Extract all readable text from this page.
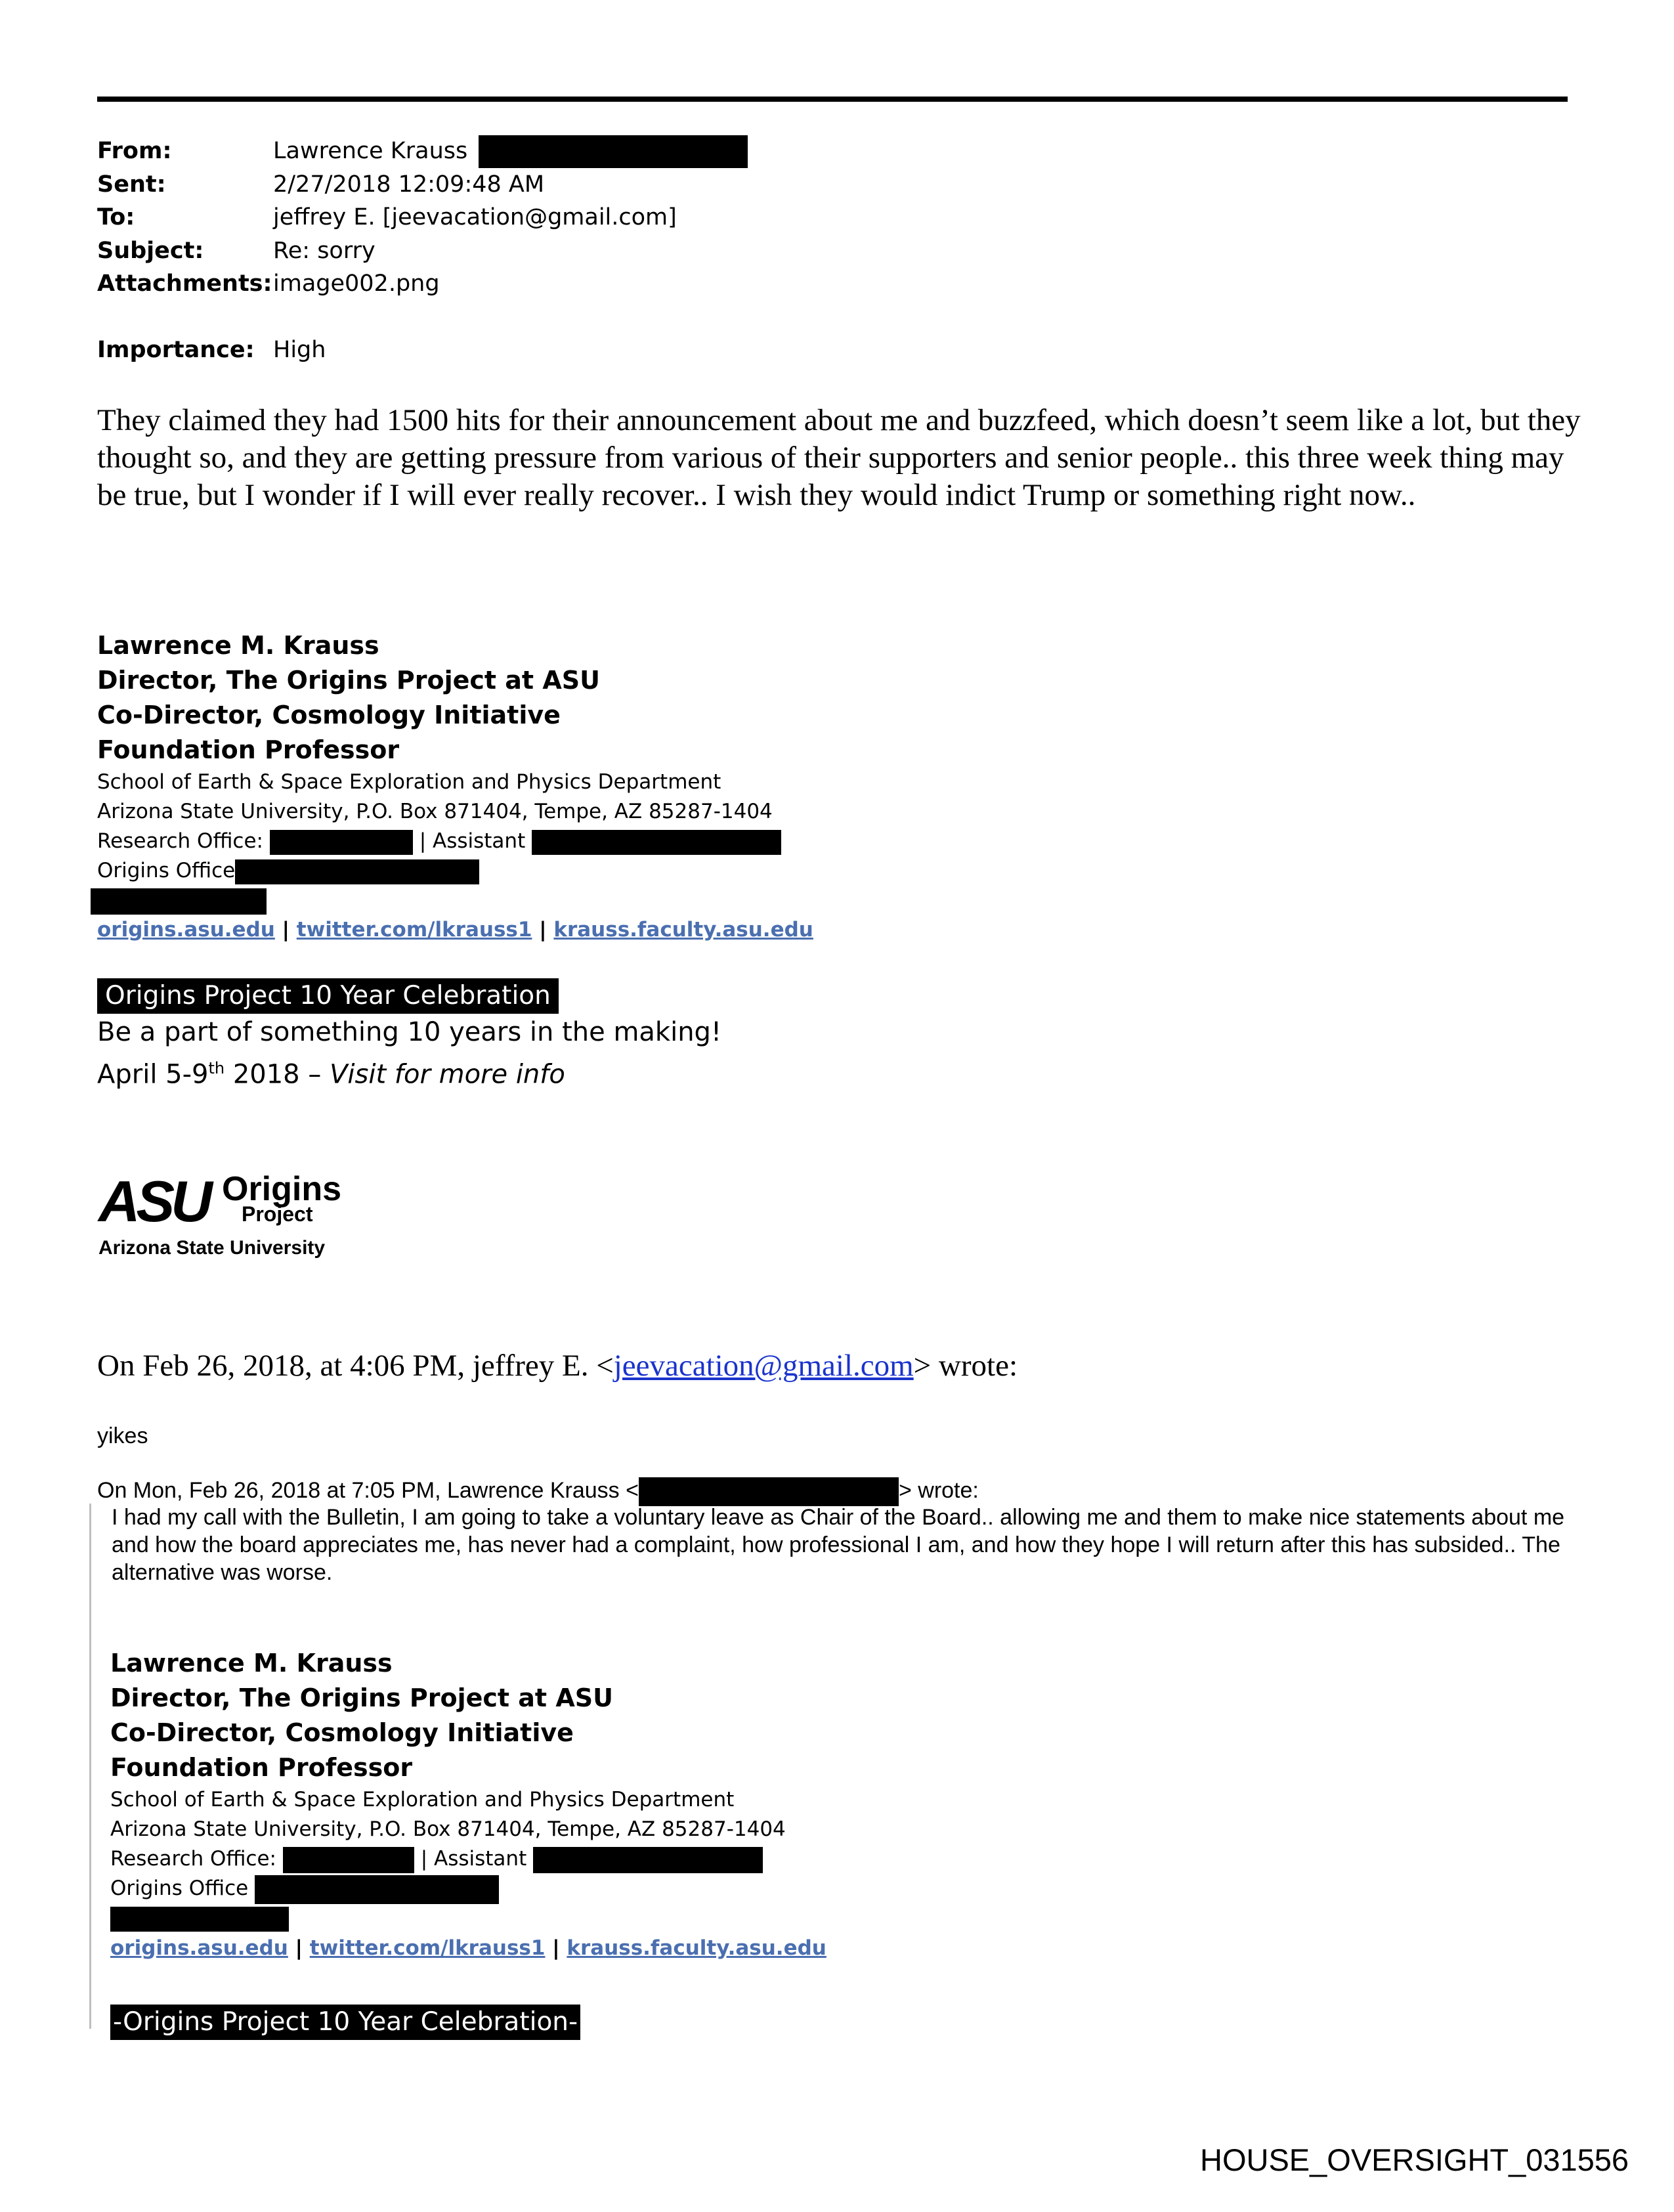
From:	Lawrence Krauss
Sent:	2/27/2018 12:09:48 AM
To:	jeffrey E. [jeevacation@gmail.com]
Subject:	Re: sorry
Attachments: image002.png
Importance: High
They claimed they had 1500 hits for their announcement about me and buzzfeed, which doesn’t seem like a lot, but they thought so, and they are getting pressure from various of their supporters and senior people.. this three week thing may be true, but I wonder if I will ever really recover.. I wish they would indict Trump or something right now..
Lawrence M. Krauss
Director, The Origins Project at ASU
Co-Director, Cosmology Initiative
Foundation Professor
School of Earth & Space Exploration and Physics Department
Arizona State University, P.O. Box 871404, Tempe, AZ 85287-1404
Research Office:	| Assistant
Origins Office
origins.asu.edu | twitter.com/lkrauss1 | krauss.faculty.asu.edu
Origins Project 10 Year Celebration
Be a part of something 10 years in the making!
April 5-9th 2018 – Visit for more info
ASU Origins
Project
Arizona State University
On Feb 26, 2018, at 4:06 PM, jeffrey E. <jeevacation@gmail.com> wrote:
yikes
On Mon, Feb 26, 2018 at 7:05 PM, Lawrence Krauss <	> wrote:
I had my call with the Bulletin, I am going to take a voluntary leave as Chair of the Board.. allowing me and them to make nice statements about me and how the board appreciates me, has never had a complaint, how professional I am, and how they hope I will return after this has subsided.. The alternative was worse.
Lawrence M. Krauss
Director, The Origins Project at ASU
Co-Director, Cosmology Initiative
Foundation Professor
School of Earth & Space Exploration and Physics Department
Arizona State University, P.O. Box 871404, Tempe, AZ 85287-1404
Research Office:	| Assistant
Origins Office
origins.asu.edu | twitter.com/lkrauss1 | krauss.faculty.asu.edu
-Origins Project 10 Year Celebration-
HOUSE_OVERSIGHT_031556
